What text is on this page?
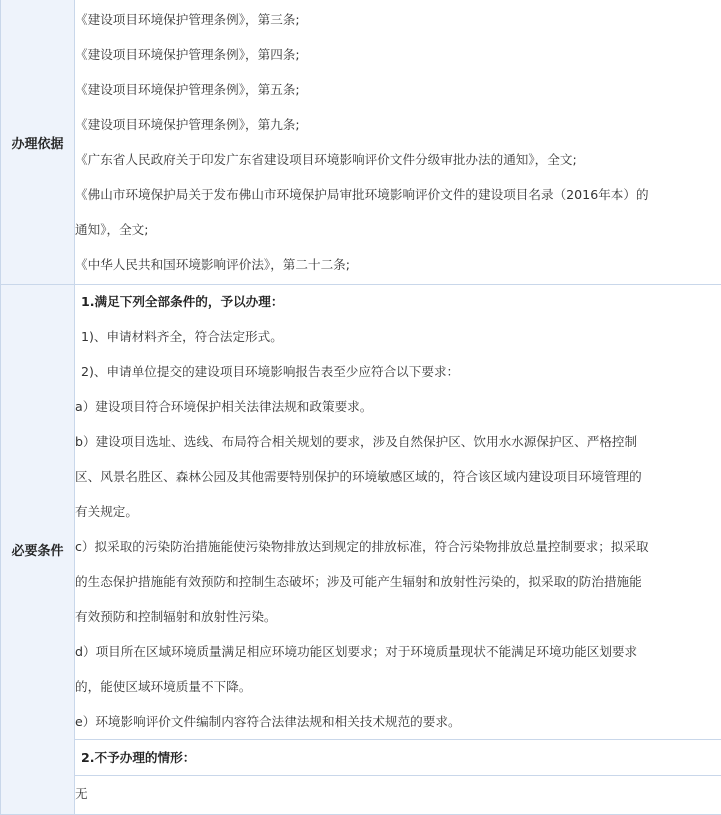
办理依据
《建设项目环境保护管理条例》，第三条;
《建设项目环境保护管理条例》，第四条;
《建设项目环境保护管理条例》，第五条;
《建设项目环境保护管理条例》，第九条;
《广东省人民政府关于印发广东省建设项目环境影响评价文件分级审批办法的通知》，全文;
《佛山市环境保护局关于发布佛山市环境保护局审批环境影响评价文件的建设项目名录（2016年本）的
通知》，全文;
《中华人民共和国环境影响评价法》，第二十二条;
必要条件
1.满足下列全部条件的，予以办理：
1)、申请材料齐全，符合法定形式。
2)、申请单位提交的建设项目环境影响报告表至少应符合以下要求：
a）建设项目符合环境保护相关法律法规和政策要求。
b）建设项目选址、选线、布局符合相关规划的要求，涉及自然保护区、饮用水水源保护区、严格控制
区、风景名胜区、森林公园及其他需要特别保护的环境敏感区域的，符合该区域内建设项目环境管理的
有关规定。
c）拟采取的污染防治措施能使污染物排放达到规定的排放标准，符合污染物排放总量控制要求；拟采取
的生态保护措施能有效预防和控制生态破坏；涉及可能产生辐射和放射性污染的，拟采取的防治措施能
有效预防和控制辐射和放射性污染。
d）项目所在区域环境质量满足相应环境功能区划要求；对于环境质量现状不能满足环境功能区划要求
的，能使区域环境质量不下降。
e）环境影响评价文件编制内容符合法律法规和相关技术规范的要求。
2.不予办理的情形：
无
